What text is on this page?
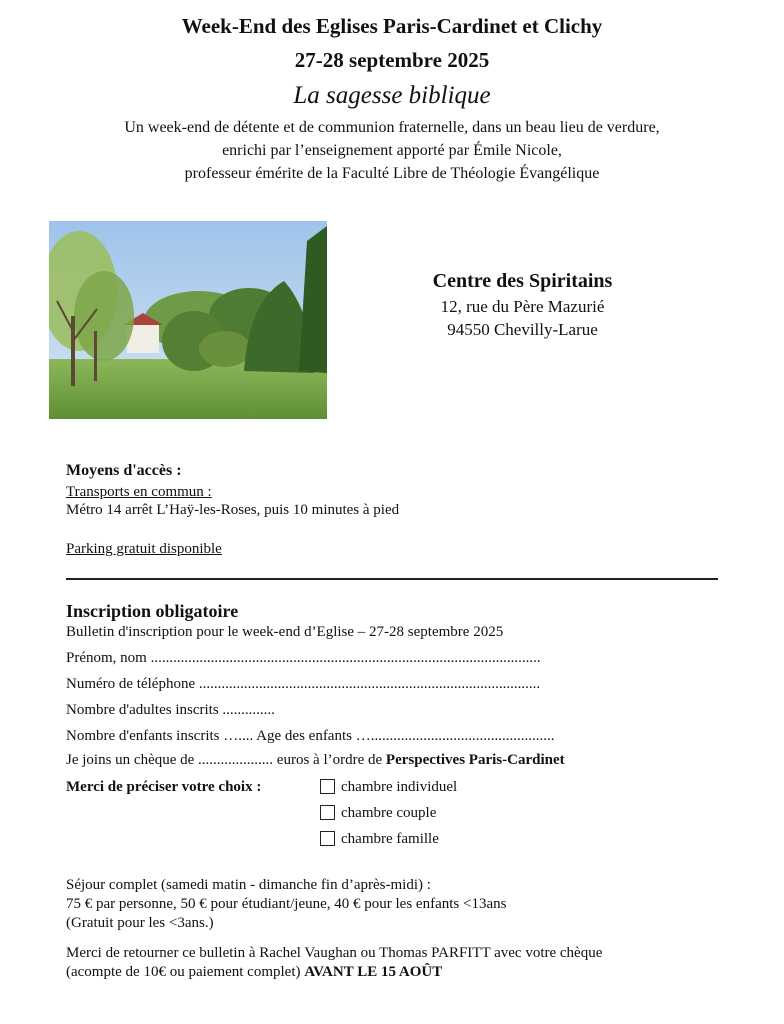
Week-End des Eglises Paris-Cardinet et Clichy
27-28 septembre 2025
La sagesse biblique
Un week-end de détente et de communion fraternelle, dans un beau lieu de verdure,
enrichi par l’enseignement apporté par Émile Nicole,
professeur émérite de la Faculté Libre de Théologie Évangélique
Centre des Spiritains
12, rue du Père Mazurié
94550 Chevilly-Larue
Moyens d'accès :
Transports en commun :
Métro 14 arrêt L’Haÿ-les-Roses, puis 10 minutes à pied
Parking gratuit disponible
Inscription obligatoire
Bulletin d'inscription pour le week-end d’Eglise – 27-28 septembre 2025
Prénom, nom ........................................................................................................
Numéro de téléphone ...........................................................................................
Nombre d'adultes inscrits ..............
Nombre d'enfants inscrits ….... Age des enfants ….................................................
Je joins un chèque de .................... euros à l’ordre de Perspectives Paris-Cardinet
Merci de préciser votre choix :	chambre individuel
chambre couple
chambre famille
Séjour complet (samedi matin - dimanche fin d’après-midi) :
75 € par personne, 50 € pour étudiant/jeune, 40 € pour les enfants <13ans
(Gratuit pour les <3ans.)
Merci de retourner ce bulletin à Rachel Vaughan ou Thomas PARFITT avec votre chèque
(acompte de 10€ ou paiement complet) AVANT LE 15 AOÛT
